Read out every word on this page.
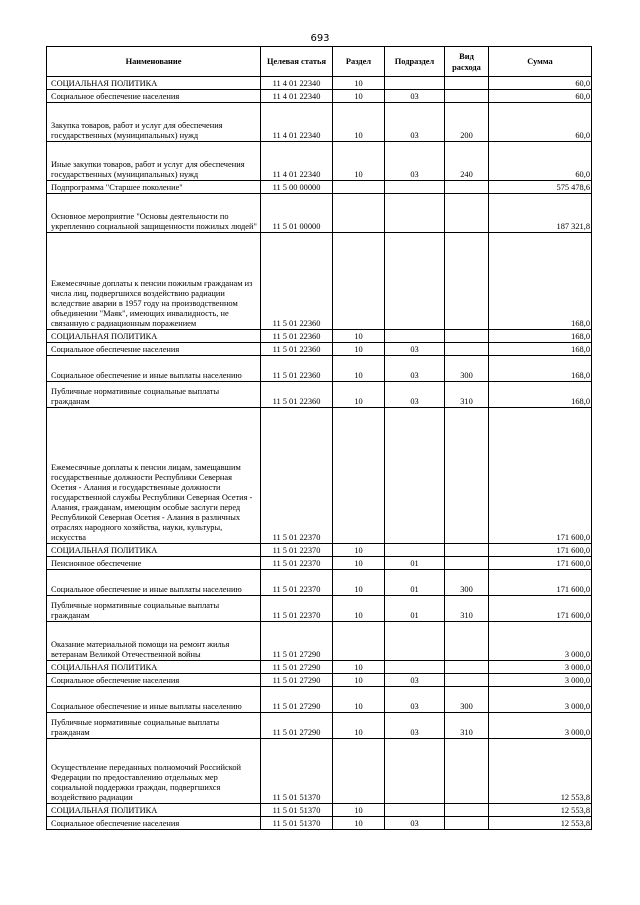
693
Наименование	Целевая статья	Раздел	Подраздел	Вид расхода	Сумма
СОЦИАЛЬНАЯ ПОЛИТИКА	11 4 01 22340	10			60,0
Социальное обеспечение населения	11 4 01 22340	10	03		60,0
Закупка товаров, работ и услуг для обеспечения государственных (муниципальных) нужд	11 4 01 22340	10	03	200	60,0
Иные закупки товаров, работ и услуг для обеспечения государственных (муниципальных) нужд	11 4 01 22340	10	03	240	60,0
Подпрограмма "Старшее поколение"	11 5 00 00000				575 478,6
Основное мероприятие "Основы деятельности по укреплению социальной защищенности пожилых людей"	11 5 01 00000				187 321,8
Ежемесячные доплаты к пенсии пожилым гражданам из числа лиц, подвергшихся воздействию радиации вследствие аварии в 1957 году на производственном объединении "Маяк", имеющих инвалидность, не связанную с радиационным поражением	11 5 01 22360				168,0
СОЦИАЛЬНАЯ ПОЛИТИКА	11 5 01 22360	10			168,0
Социальное обеспечение населения	11 5 01 22360	10	03		168,0
Социальное обеспечение и иные выплаты населению	11 5 01 22360	10	03	300	168,0
Публичные нормативные социальные выплаты гражданам	11 5 01 22360	10	03	310	168,0
Ежемесячные доплаты к пенсии лицам, замещавшим государственные должности Республики Северная Осетия - Алания и государственные должности государственной службы Республики Северная Осетия - Алания, гражданам, имеющим особые заслуги перед Республикой Северная Осетия - Алания в различных отраслях народного хозяйства, науки, культуры, искусства	11 5 01 22370				171 600,0
СОЦИАЛЬНАЯ ПОЛИТИКА	11 5 01 22370	10			171 600,0
Пенсионное обеспечение	11 5 01 22370	10	01		171 600,0
Социальное обеспечение и иные выплаты населению	11 5 01 22370	10	01	300	171 600,0
Публичные нормативные социальные выплаты гражданам	11 5 01 22370	10	01	310	171 600,0
Оказание материальной помощи на ремонт жилья ветеранам Великой Отечественной войны	11 5 01 27290				3 000,0
СОЦИАЛЬНАЯ ПОЛИТИКА	11 5 01 27290	10			3 000,0
Социальное обеспечение населения	11 5 01 27290	10	03		3 000,0
Социальное обеспечение и иные выплаты населению	11 5 01 27290	10	03	300	3 000,0
Публичные нормативные социальные выплаты гражданам	11 5 01 27290	10	03	310	3 000,0
Осуществление переданных полномочий Российской Федерации по предоставлению отдельных мер социальной поддержки граждан, подвергшихся воздействию радиации	11 5 01 51370				12 553,8
СОЦИАЛЬНАЯ ПОЛИТИКА	11 5 01 51370	10			12 553,8
Социальное обеспечение населения	11 5 01 51370	10	03		12 553,8
